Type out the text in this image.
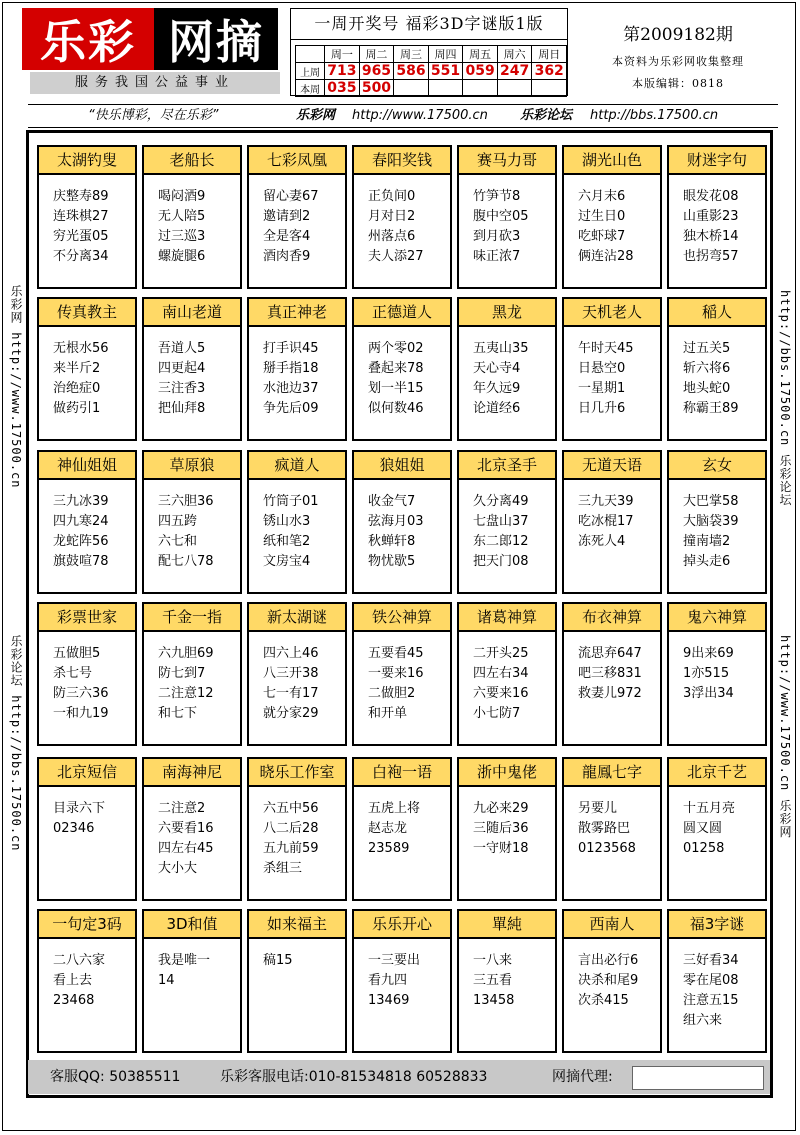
乐彩 网摘
服务我国公益事业
一周开奖号 福彩3D字谜版1版
	周一	周二	周三	周四	周五	周六	周日
上周	713	965	586	551	059	247	362
本周	035	500					
第2009182期
本资料为乐彩网收集整理
本版编辑：0818
“快乐博彩，尽在乐彩”	乐彩网 http://www.17500.cn 乐彩论坛 http://bbs.17500.cn
乐彩网 http://www.17500.cn
乐彩论坛 http://bbs.17500.cn
http://bbs.17500.cn 乐彩论坛
http://www.17500.cn 乐彩网
太湖钓叟
庆整寿89
连珠棋27
穷光蛋05
不分离34
老船长
喝闷酒9
无人陪5
过三巡3
螺旋腿6
七彩凤凰
留心妻67
邀请到2
全是客4
酒肉香9
春阳奖钱
正负间0
月对日2
州落点6
夫人添27
赛马力哥
竹笋节8
腹中空05
到月砍3
味正浓7
湖光山色
六月末6
过生日0
吃虾球7
俩连沾28
财迷字句
眼发花08
山重影23
独木桥14
也拐弯57
传真教主
无根水56
来半斤2
治绝症0
做药引1
南山老道
吾道人5
四更起4
三注香3
把仙拜8
真正神老
打手识45
掰手指18
水池边37
争先后09
正德道人
两个零02
叠起来78
划一半15
似何数46
黑龙
五夷山35
天心寺4
年久远9
论道经6
天机老人
午时天45
日悬空0
一星期1
日几升6
稲人
过五关5
斩六将6
地头蛇0
称霸王89
神仙姐姐
三九冰39
四九寒24
龙蛇阵56
旗鼓喧78
草原狼
三六胆36
四五跨
六七和
配七八78
疯道人
竹筒子01
锈山水3
纸和笔2
文房宝4
狼姐姐
收金气7
弦海月03
秋蝉轩8
物忧歇5
北京圣手
久分离49
七盘山37
东二郎12
把天门08
无道天语
三九天39
吃冰棍17
冻死人4
玄女
大巴掌58
大脑袋39
撞南墙2
掉头走6
彩票世家
五做胆5
杀七号
防三六36
一和九19
千金一指
六九胆69
防七到7
二注意12
和七下
新太湖谜
四六上46
八三开38
七一有17
就分家29
铁公神算
五要看45
一要来16
二做胆2
和开单
诸葛神算
二开头25
四左右34
六要来16
小七防7
布衣神算
流思弃647
吧三移831
救妻儿972
鬼六神算
9出来69
1亦515
3浮出34
北京短信
目录六下
02346
南海神尼
二注意2
六要看16
四左右45
大小大
晓乐工作室
六五中56
八二后28
五九前59
杀组三
白袍一语
五虎上将
赵志龙
23589
浙中鬼佬
九必来29
三随后36
一守财18
龍鳳七字
另要儿
散雾路巴
0123568
北京千艺
十五月亮
圆又圆
01258
一句定3码
二八六家
看上去
23468
3D和值
我是唯一
14
如来福主
稿15
乐乐开心
一三要出
看九四
13469
單純
一八来
三五看
13458
西南人
言出必行6
决杀和尾9
次杀415
福3字谜
三好看34
零在尾08
注意五15
组六来
客服QQ: 50385511	乐彩客服电话:010-81534818 60528833	网摘代理:
